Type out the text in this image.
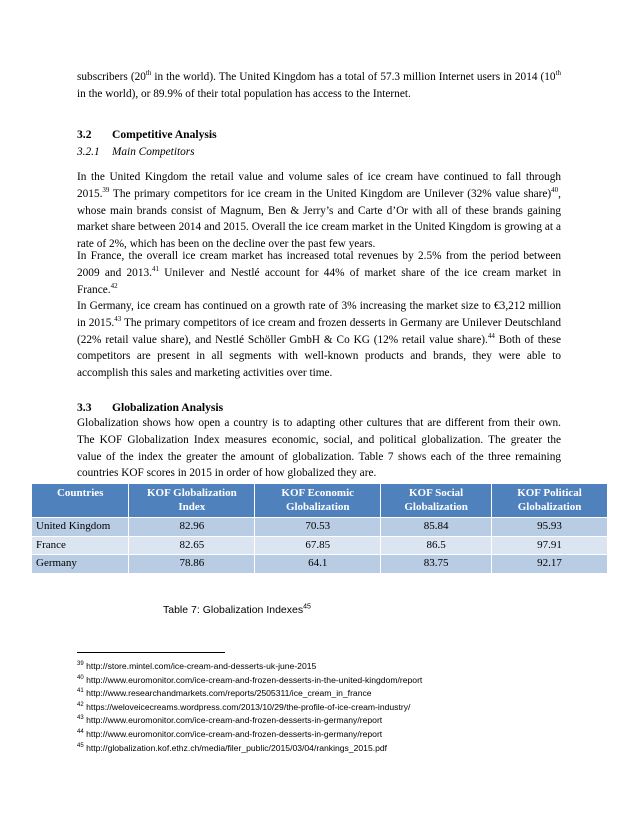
subscribers (20th in the world). The United Kingdom has a total of 57.3 million Internet users in 2014 (10th in the world), or 89.9% of their total population has access to the Internet.

3.2 Competitive Analysis
3.2.1 Main Competitors

In the United Kingdom the retail value and volume sales of ice cream have continued to fall through 2015.39 The primary competitors for ice cream in the United Kingdom are Unilever (32% value share)$^{40}$, whose main brands consist of Magnum, Ben & Jerry’s and Carte d’Or with all of these brands gaining market share between 2014 and 2015. Overall the ice cream market in the United Kingdom is growing at a rate of 2%, which has been on the decline over the past few years.

In France, the overall ice cream market has increased total revenues by 2.5% from the period between 2009 and 2013.41 Unilever and Nestlé account for 44% of market share of the ice cream market in France.$^{42}$

In Germany, ice cream has continued on a growth rate of 3% increasing the market size to €3,212 million in 2015.43 The primary competitors of ice cream and frozen desserts in Germany are Unilever Deutschland (22% retail value share), and Nestlé Schöller GmbH & Co KG (12% retail value share).$^{44}$ Both of these competitors are present in all segments with well-known products and brands, they were able to accomplish this sales and marketing activities over time.

3.3 Globalization Analysis

Globalization shows how open a country is to adapting other cultures that are different from their own. The KOF Globalization Index measures economic, social, and political globalization. The greater the value of the index the greater the amount of globalization. Table 7 shows each of the three remaining countries KOF scores in 2015 in order of how globalized they are.

Countries	KOF Globalization Index	KOF Economic Globalization	KOF Social Globalization	KOF Political Globalization
United Kingdom	82.96	70.53	85.84	95.93
France	82.65	67.85	86.5	97.91
Germany	78.86	64.1	83.75	92.17
Table 7: Globalization Indexes$^{45}$
$^{39}$ http://store.mintel.com/ice-cream-and-desserts-uk-june-2015
$^{40}$ http://www.euromonitor.com/ice-cream-and-frozen-desserts-in-the-united-kingdom/report
$^{41}$ http://www.researchandmarkets.com/reports/2505311/ice_cream_in_france
$^{42}$ https://weloveicecreams.wordpress.com/2013/10/29/the-profile-of-ice-cream-industry/
$^{43}$ http://www.euromonitor.com/ice-cream-and-frozen-desserts-in-germany/report
$^{44}$ http://www.euromonitor.com/ice-cream-and-frozen-desserts-in-germany/report
$^{45}$ http://globalization.kof.ethz.ch/media/filer_public/2015/03/04/rankings_2015.pdf
